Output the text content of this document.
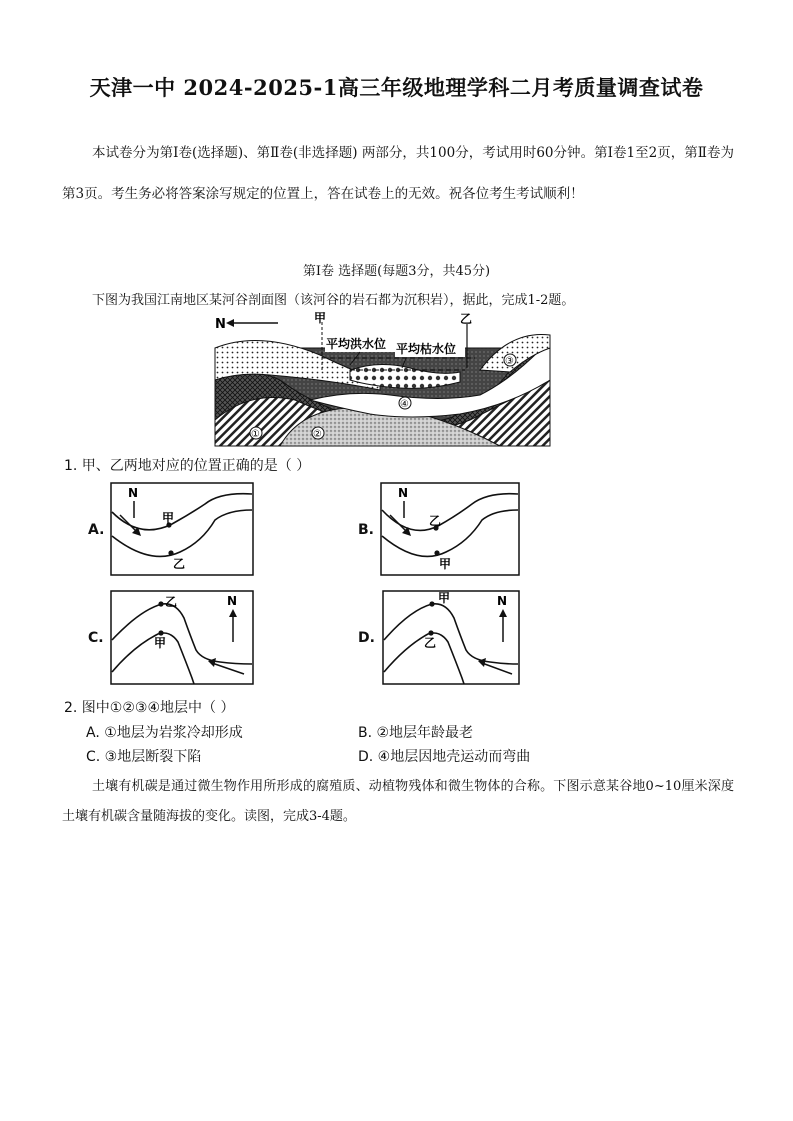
天津一中 2024-2025-1高三年级地理学科二月考质量调查试卷
本试卷分为第Ⅰ卷(选择题)、第Ⅱ卷(非选择题) 两部分，共100分，考试用时60分钟。第Ⅰ卷1至2页，第Ⅱ卷为第3页。考生务必将答案涂写规定的位置上，答在试卷上的无效。祝各位考生考试顺利！
第Ⅰ卷 选择题(每题3分，共45分)
下图为我国江南地区某河谷剖面图（该河谷的岩石都为沉积岩），据此，完成1-2题。
N	甲	乙
平均洪水位 平均枯水位
①	②
③
④
1. 甲、乙两地对应的位置正确的是（ ）
A.
N
甲
乙
B.
N
乙
甲
C.
N
乙
甲	D.
N
甲
乙
2. 图中①②③④地层中（ ）
A. ①地层为岩浆冷却形成	B. ②地层年龄最老
C. ③地层断裂下陷	D. ④地层因地壳运动而弯曲
土壤有机碳是通过微生物作用所形成的腐殖质、动植物残体和微生物体的合称。下图示意某谷地0~10厘米深度土壤有机碳含量随海拔的变化。读图，完成3-4题。
